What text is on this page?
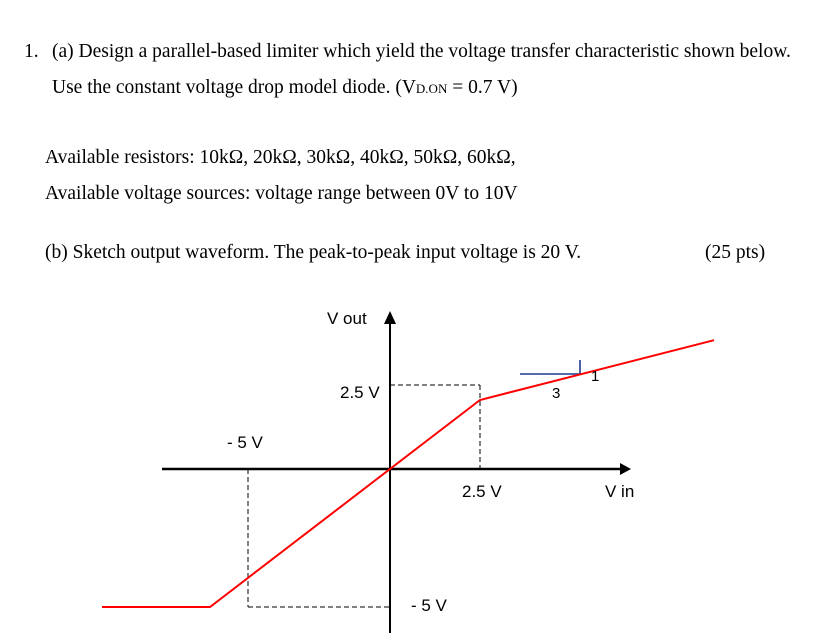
1. (a) Design a parallel-based limiter which yield the voltage transfer characteristic shown below.
Use the constant voltage drop model diode. (VD.ON = 0.7 V)
Available resistors: 10kΩ, 20kΩ, 30kΩ, 40kΩ, 50kΩ, 60kΩ,
Available voltage sources: voltage range between 0V to 10V
(b) Sketch output waveform. The peak-to-peak input voltage is 20 V.	(25 pts)
V out
V in
2.5 V
- 5 V
2.5 V
- 5 V
1
3
